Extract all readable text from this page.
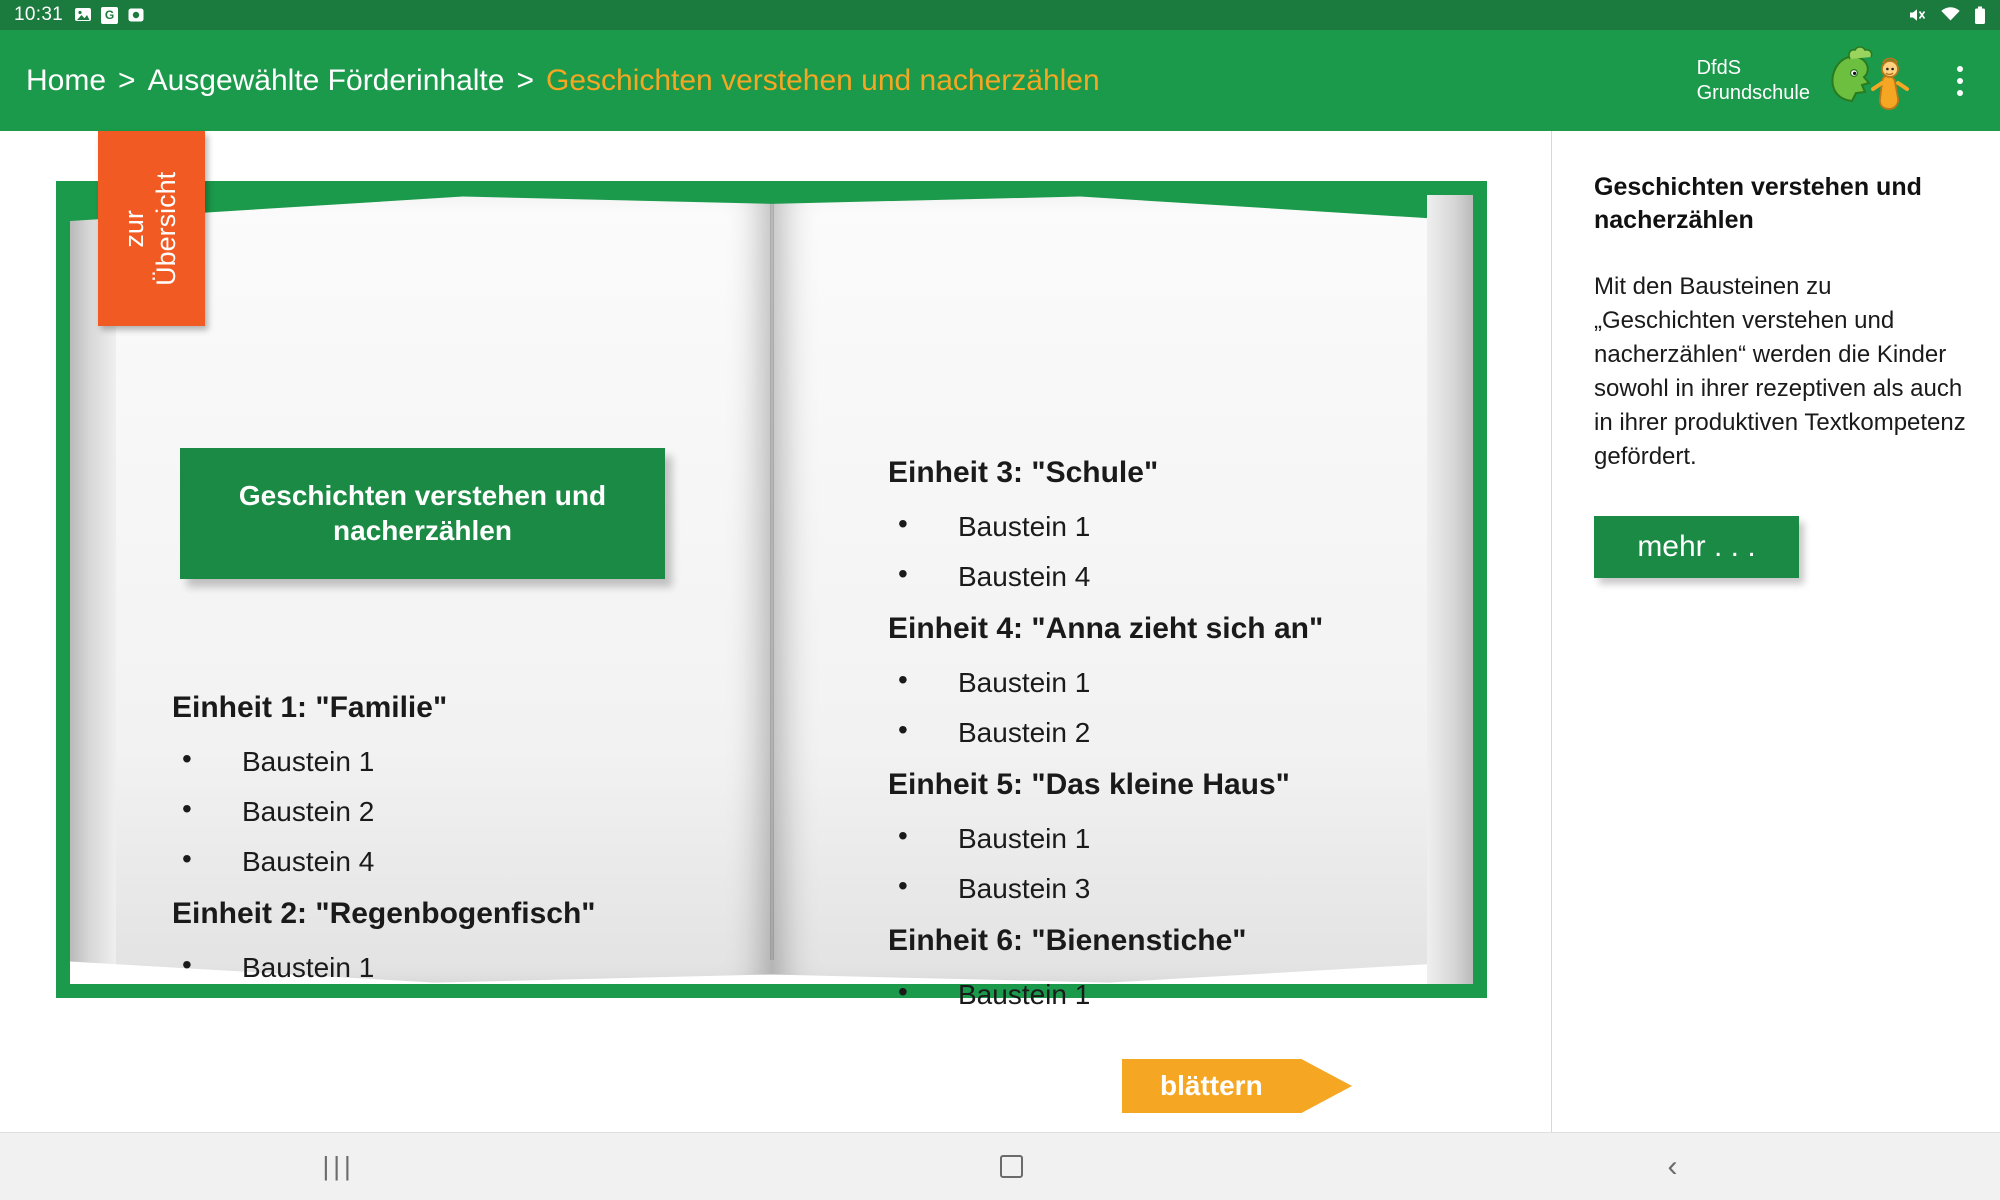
10:31	G
Home > Ausgewählte Förderinhalte > Geschichten verstehen und nacherzählen	DfdS
Grundschule
zur Übersicht
Geschichten verstehen und nacherzählen
Einheit 1: "Familie"
• Baustein 1
• Baustein 2
• Baustein 4
Einheit 2: "Regenbogenfisch"
• Baustein 1
Einheit 3: "Schule"
• Baustein 1
• Baustein 4
Einheit 4: "Anna zieht sich an"
• Baustein 1
• Baustein 2
Einheit 5: "Das kleine Haus"
• Baustein 1
• Baustein 3
Einheit 6: "Bienenstiche"
• Baustein 1
blättern
Geschichten verstehen und nacherzählen
Mit den Bausteinen zu „Geschichten verstehen und nacherzählen“ werden die Kinder sowohl in ihrer rezeptiven als auch in ihrer produktiven Textkompetenz gefördert.
mehr . . .
|||	‹
